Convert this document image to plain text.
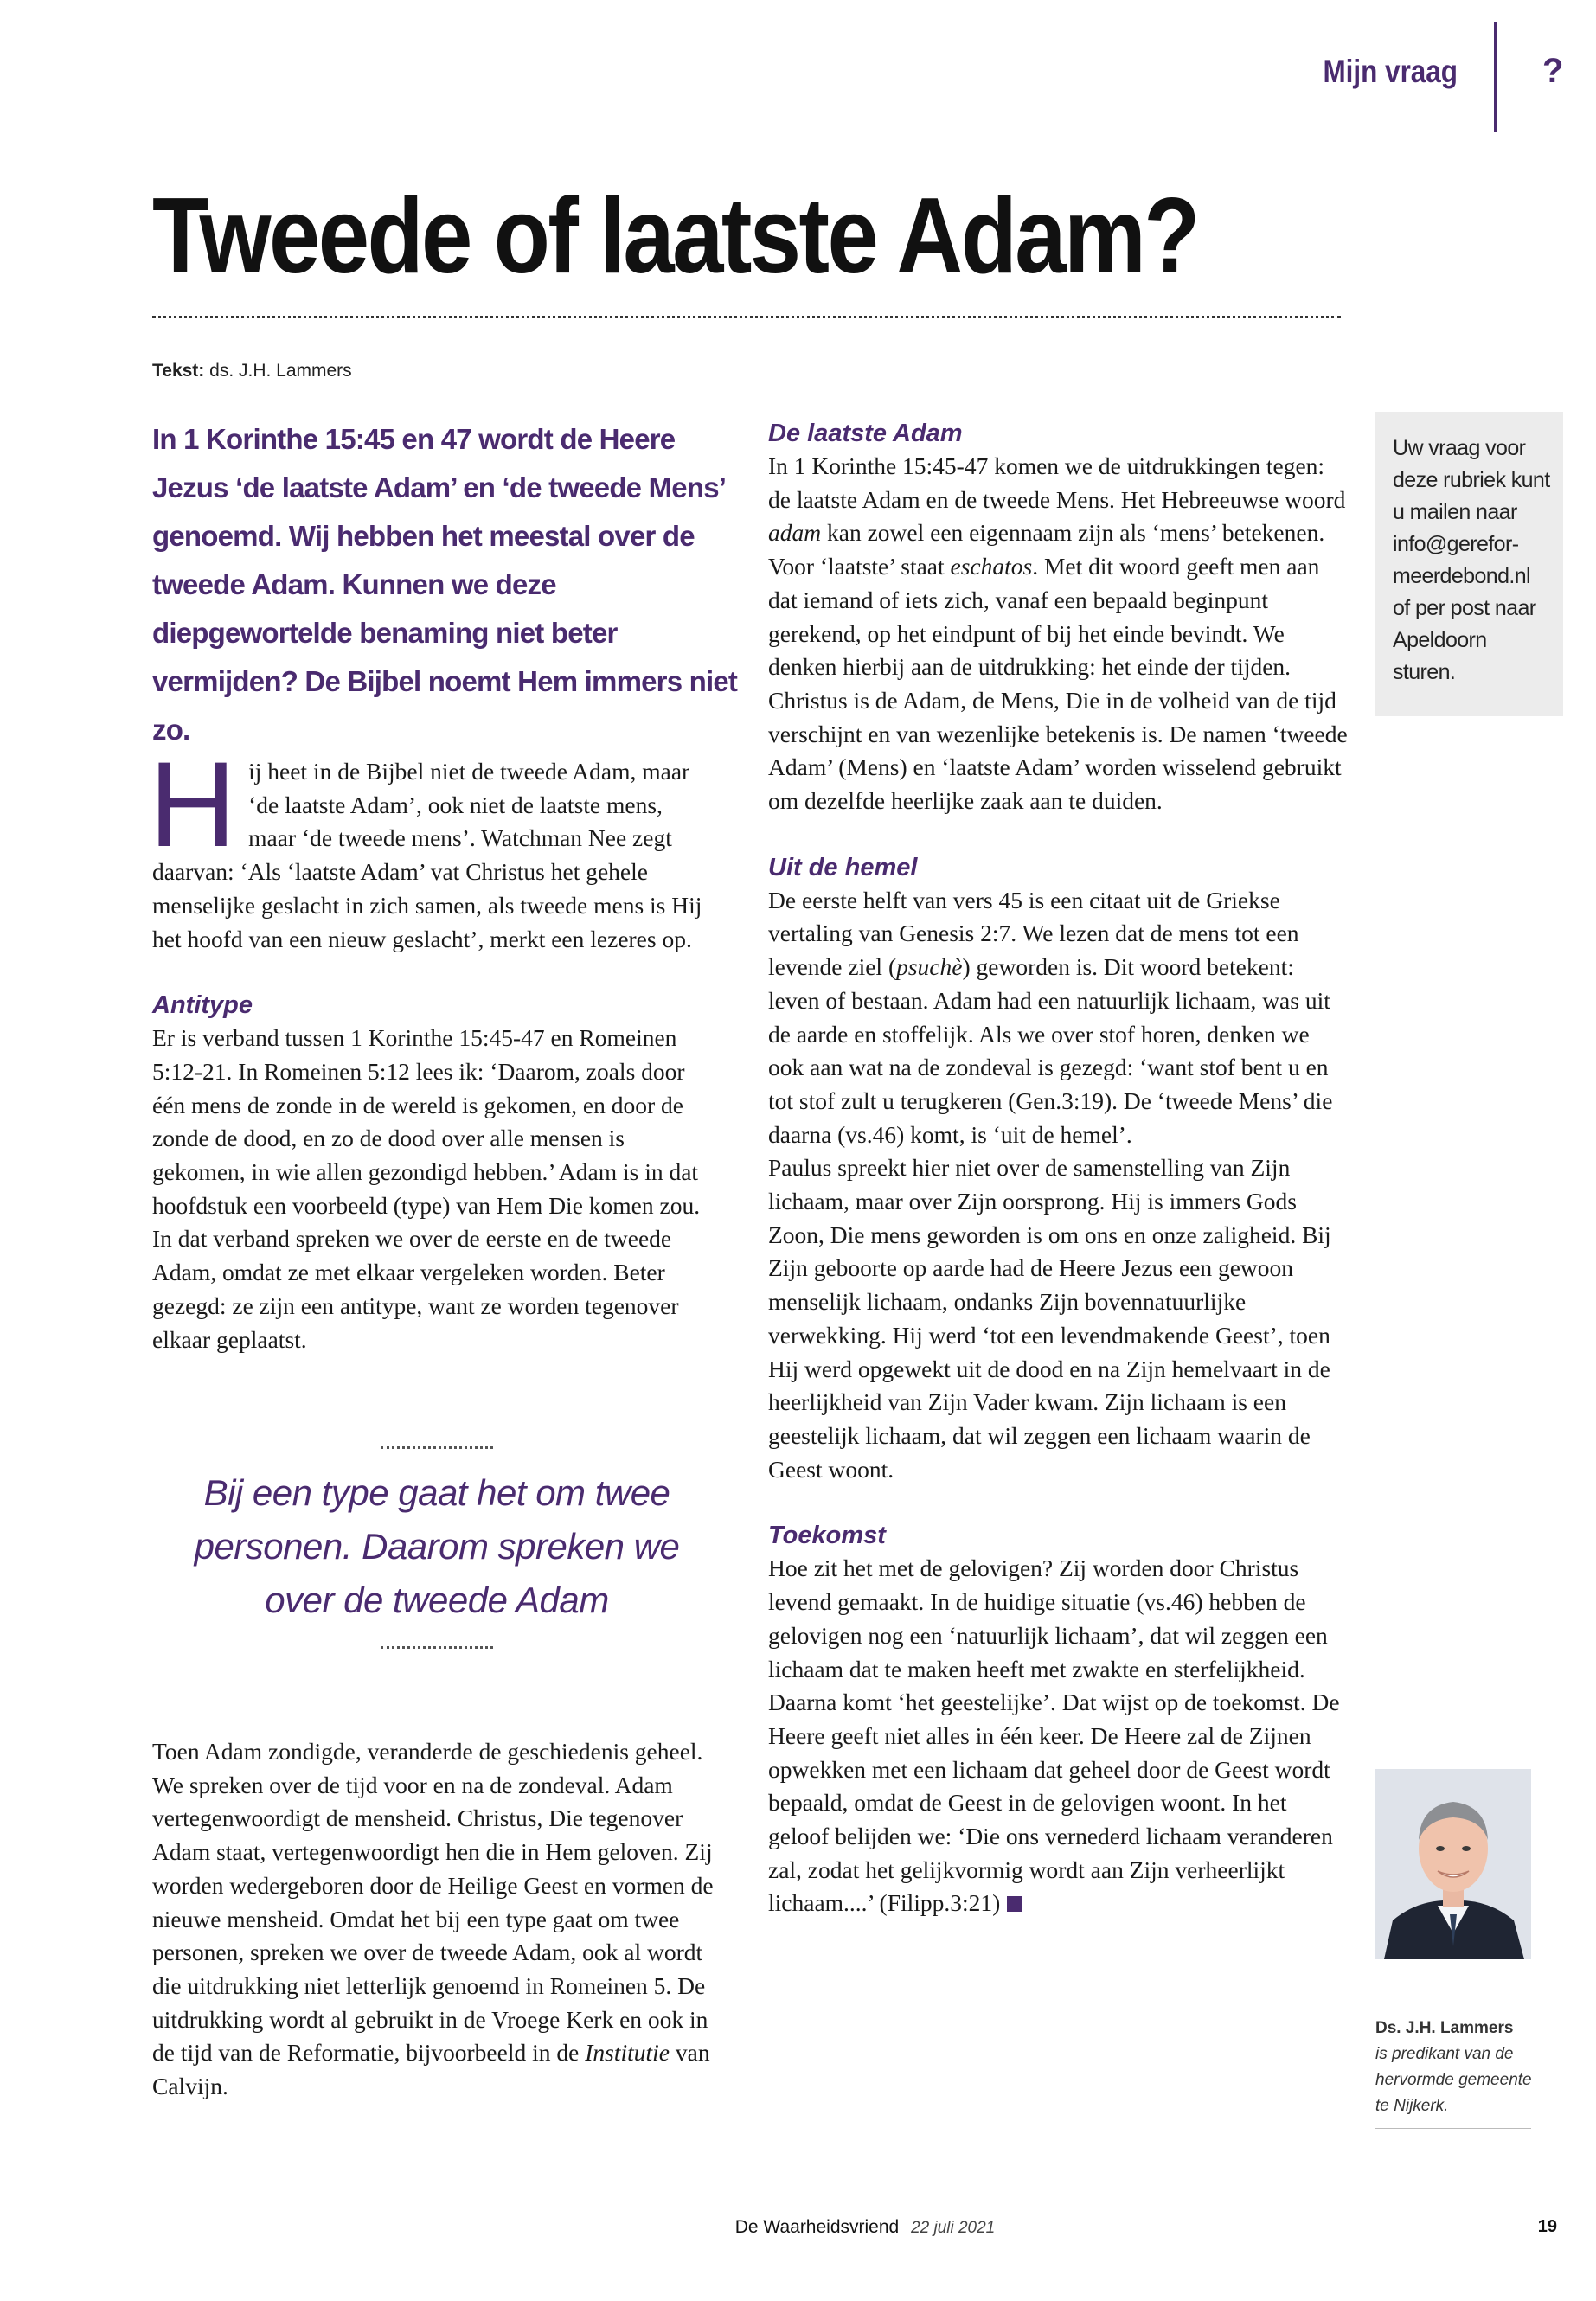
Mijn vraag ?
Tweede of laatste Adam?
Tekst: ds. J.H. Lammers

In 1 Korinthe 15:45 en 47 wordt de Heere Jezus ‘de laatste Adam’ en ‘de tweede Mens’ genoemd. Wij hebben het meestal over de tweede Adam. Kunnen we deze diepgewortelde benaming niet beter vermijden? De Bijbel noemt Hem immers niet zo.

Hij heet in de Bijbel niet de tweede Adam, maar ‘de laatste Adam’, ook niet de laatste mens, maar ‘de tweede mens’. Watchman Nee zegt daarvan: ‘Als ‘laatste Adam’ vat Christus het gehele menselijke geslacht in zich samen, als tweede mens is Hij het hoofd van een nieuw geslacht’, merkt een lezeres op.

Antitype

Er is verband tussen 1 Korinthe 15:45-47 en Romeinen 5:12-21. In Romeinen 5:12 lees ik: ‘Daarom, zoals door één mens de zonde in de wereld is gekomen, en door de zonde de dood, en zo de dood over alle mensen is gekomen, in wie allen gezondigd hebben.’ Adam is in dat hoofdstuk een voorbeeld (type) van Hem Die komen zou. In dat verband spreken we over de eerste en de tweede Adam, omdat ze met elkaar vergeleken worden. Beter gezegd: ze zijn een antitype, want ze worden tegenover elkaar geplaatst.

Bij een type gaat het om twee personen. Daarom spreken we over de tweede Adam

Toen Adam zondigde, veranderde de geschiedenis geheel. We spreken over de tijd voor en na de zondeval. Adam vertegenwoordigt de mensheid. Christus, Die tegenover Adam staat, vertegenwoordigt hen die in Hem geloven. Zij worden wedergeboren door de Heilige Geest en vormen de nieuwe mensheid. Omdat het bij een type gaat om twee personen, spreken we over de tweede Adam, ook al wordt die uitdrukking niet letterlijk genoemd in Romeinen 5. De uitdrukking wordt al gebruikt in de Vroege Kerk en ook in de tijd van de Reformatie, bijvoorbeeld in de Institutie van Calvijn.

De laatste Adam

In 1 Korinthe 15:45-47 komen we de uitdrukkingen tegen: de laatste Adam en de tweede Mens. Het Hebreeuwse woord adam kan zowel een eigennaam zijn als ‘mens’ betekenen. Voor ‘laatste’ staat eschatos. Met dit woord geeft men aan dat iemand of iets zich, vanaf een bepaald beginpunt gerekend, op het eindpunt of bij het einde bevindt. We denken hierbij aan de uitdrukking: het einde der tijden. Christus is de Adam, de Mens, Die in de volheid van de tijd verschijnt en van wezenlijke betekenis is. De namen ‘tweede Adam’ (Mens) en ‘laatste Adam’ worden wisselend gebruikt om dezelfde heerlijke zaak aan te duiden.

Uit de hemel

De eerste helft van vers 45 is een citaat uit de Griekse vertaling van Genesis 2:7. We lezen dat de mens tot een levende ziel (psuchè) geworden is. Dit woord betekent: leven of bestaan. Adam had een natuurlijk lichaam, was uit de aarde en stoffelijk. Als we over stof horen, denken we ook aan wat na de zondeval is gezegd: ‘want stof bent u en tot stof zult u terugkeren (Gen.3:19). De ‘tweede Mens’ die daarna (vs.46) komt, is ‘uit de hemel’.

Paulus spreekt hier niet over de samenstelling van Zijn lichaam, maar over Zijn oorsprong. Hij is immers Gods Zoon, Die mens geworden is om ons en onze zaligheid. Bij Zijn geboorte op aarde had de Heere Jezus een gewoon menselijk lichaam, ondanks Zijn bovennatuurlijke verwekking. Hij werd ‘tot een levendmakende Geest’, toen Hij werd opgewekt uit de dood en na Zijn hemelvaart in de heerlijkheid van Zijn Vader kwam. Zijn lichaam is een geestelijk lichaam, dat wil zeggen een lichaam waarin de Geest woont.

Toekomst

Hoe zit het met de gelovigen? Zij worden door Christus levend gemaakt. In de huidige situatie (vs.46) hebben de gelovigen nog een ‘natuurlijk lichaam’, dat wil zeggen een lichaam dat te maken heeft met zwakte en sterfelijkheid. Daarna komt ‘het geestelijke’. Dat wijst op de toekomst. De Heere geeft niet alles in één keer. De Heere zal de Zijnen opwekken met een lichaam dat geheel door de Geest wordt bepaald, omdat de Geest in de gelovigen woont. In het geloof belijden we: ‘Die ons vernederd lichaam veranderen zal, zodat het gelijkvormig wordt aan Zijn verheerlijkt lichaam....’ (Filipp.3:21)

Uw vraag voor
deze rubriek kunt
u mailen naar
info@gerefor-
meerdebond.nl
of per post naar
Apeldoorn
sturen.
Ds. J.H. Lammers
is predikant van de hervormde gemeente te Nijkerk.
De Waarheidsvriend 22 juli 2021	19
